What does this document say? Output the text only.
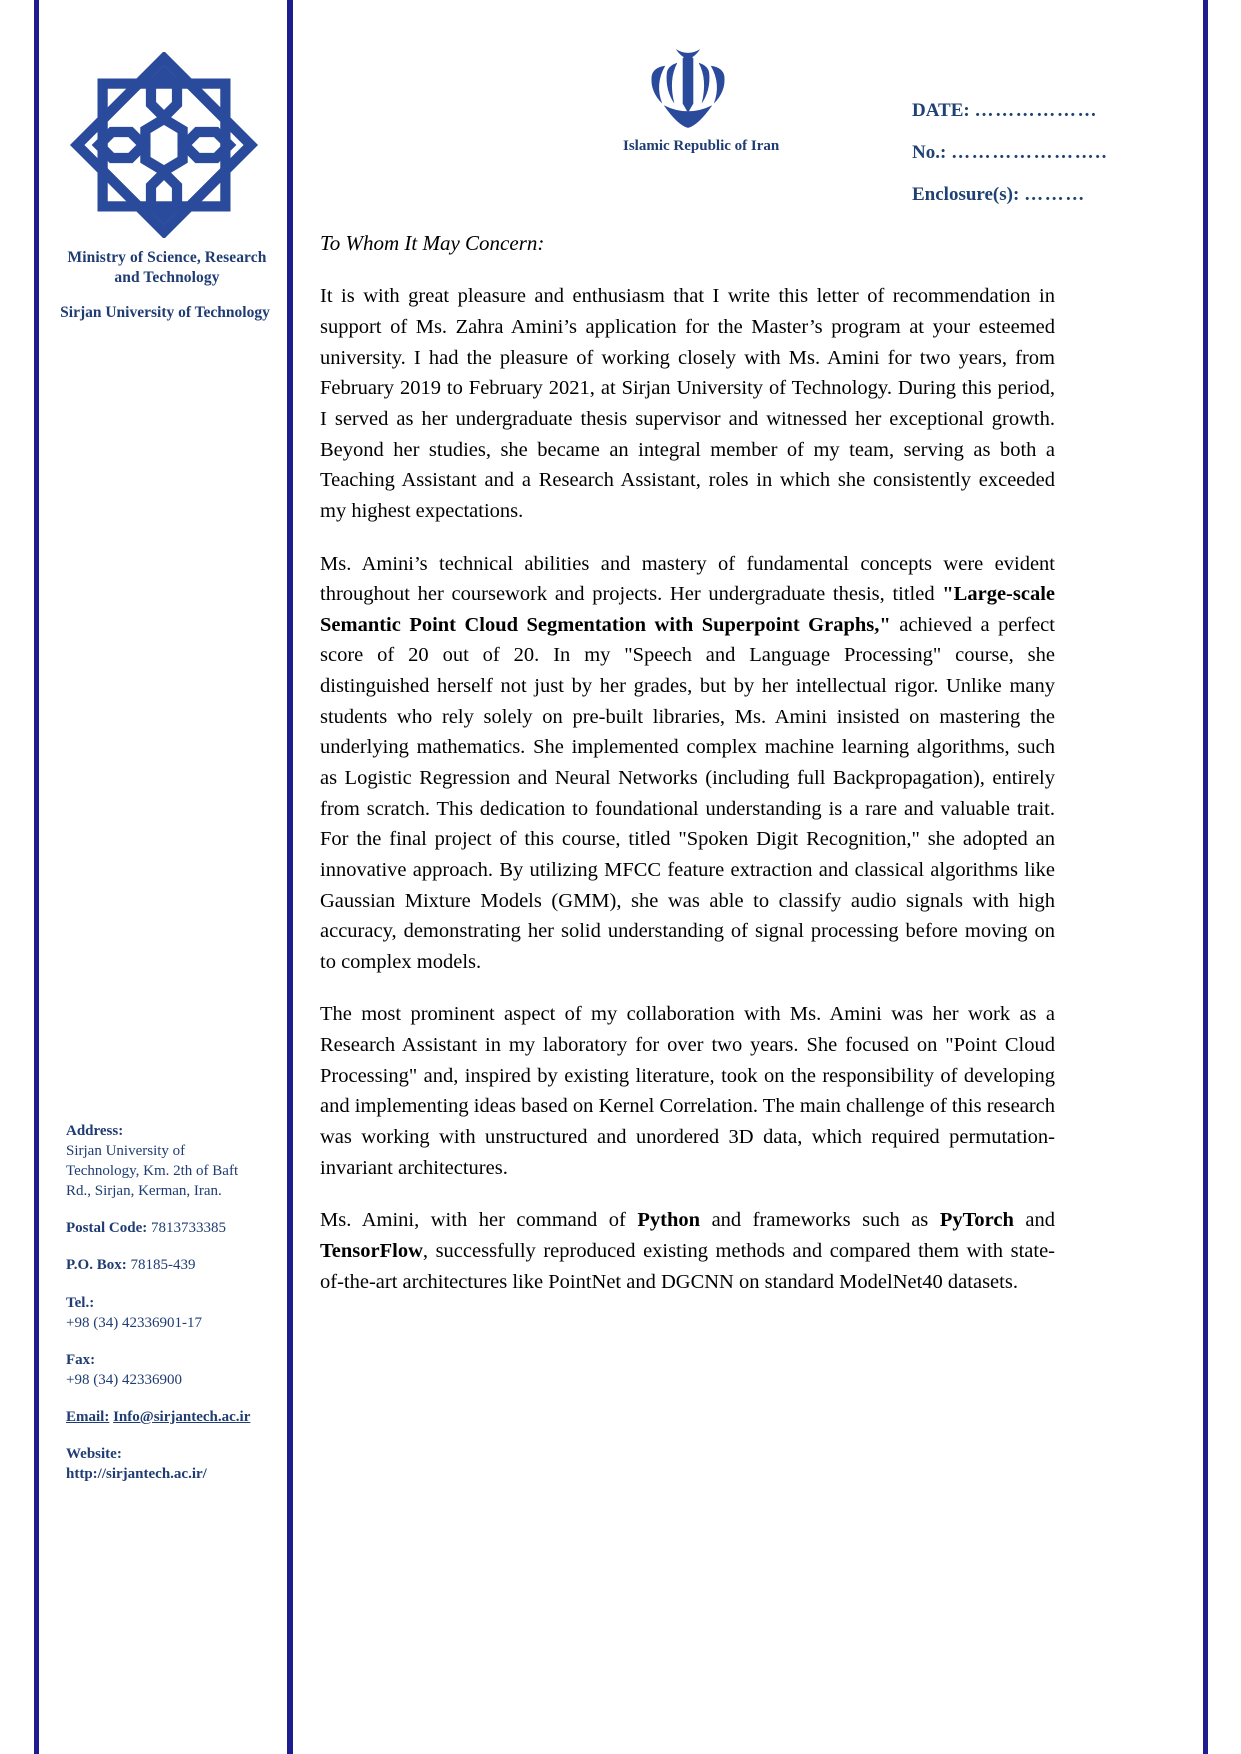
Ministry of Science, Research
and Technology
Sirjan University of Technology
Address:
Sirjan University of
Technology, Km. 2th of Baft
Rd., Sirjan, Kerman, Iran.
Postal Code: 7813733385
P.O. Box: 78185-439
Tel.:
+98 (34) 42336901-17
Fax:
+98 (34) 42336900
Email: Info@sirjantech.ac.ir
Website:
http://sirjantech.ac.ir/
Islamic Republic of Iran
DATE: ………………
No.: …………………..
Enclosure(s): ………
To Whom It May Concern:

It is with great pleasure and enthusiasm that I write this letter of recommendation in support of Ms. Zahra Amini’s application for the Master’s program at your esteemed university. I had the pleasure of working closely with Ms. Amini for two years, from February 2019 to February 2021, at Sirjan University of Technology. During this period, I served as her undergraduate thesis supervisor and witnessed her exceptional growth. Beyond her studies, she became an integral member of my team, serving as both a Teaching Assistant and a Research Assistant, roles in which she consistently exceeded my highest expectations.

Ms. Amini’s technical abilities and mastery of fundamental concepts were evident throughout her coursework and projects. Her undergraduate thesis, titled "Large-scale Semantic Point Cloud Segmentation with Superpoint Graphs," achieved a perfect score of 20 out of 20. In my "Speech and Language Processing" course, she distinguished herself not just by her grades, but by her intellectual rigor. Unlike many students who rely solely on pre-built libraries, Ms. Amini insisted on mastering the underlying mathematics. She implemented complex machine learning algorithms, such as Logistic Regression and Neural Networks (including full Backpropagation), entirely from scratch. This dedication to foundational understanding is a rare and valuable trait. For the final project of this course, titled "Spoken Digit Recognition," she adopted an innovative approach. By utilizing MFCC feature extraction and classical algorithms like Gaussian Mixture Models (GMM), she was able to classify audio signals with high accuracy, demonstrating her solid understanding of signal processing before moving on to complex models.

The most prominent aspect of my collaboration with Ms. Amini was her work as a Research Assistant in my laboratory for over two years. She focused on "Point Cloud Processing" and, inspired by existing literature, took on the responsibility of developing and implementing ideas based on Kernel Correlation. The main challenge of this research was working with unstructured and unordered 3D data, which required permutation-invariant architectures.

Ms. Amini, with her command of Python and frameworks such as PyTorch and TensorFlow, successfully reproduced existing methods and compared them with state-of-the-art architectures like PointNet and DGCNN on standard ModelNet40 datasets.
